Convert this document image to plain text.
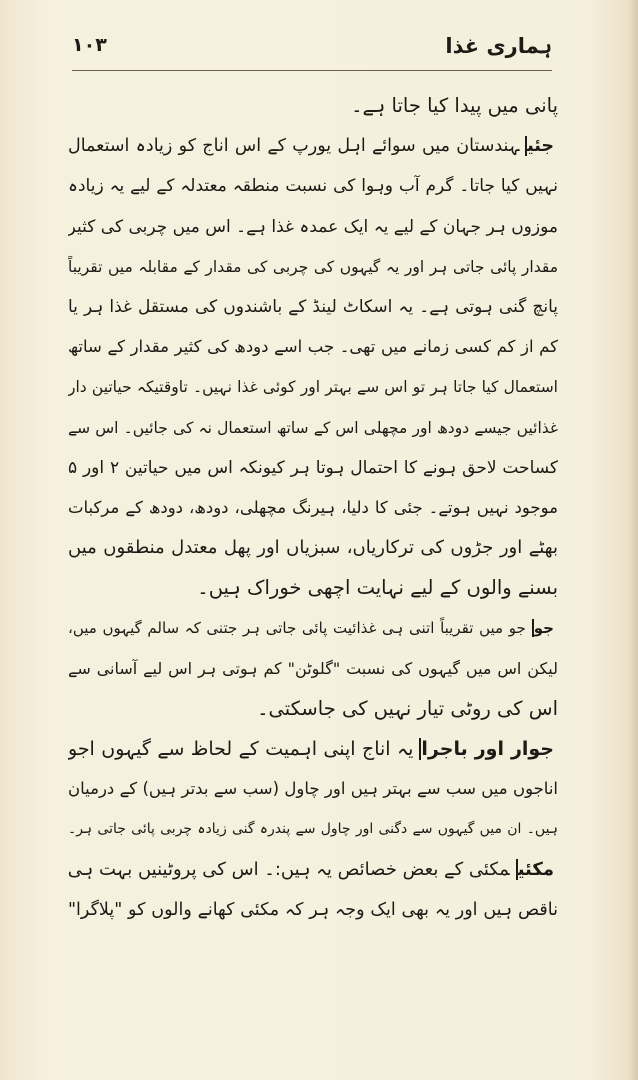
۱۰۳	ہماری غذا
پانی میں پیدا کیا جاتا ہے۔
جئیہندستان میں سوائے اہل یورپ کے اس اناج کو زیادہ استعمال
نہیں کیا جاتا۔ گرم آب وہوا کی نسبت منطقہ معتدلہ کے لیے یہ زیادہ
موزوں ہر جہان کے لیے یہ ایک عمدہ غذا ہے۔ اس میں چربی کی کثیر
مقدار پائی جاتی ہر اور یہ گیہوں کی چربی کی مقدار کے مقابلہ میں تقریباً
پانچ گنی ہوتی ہے۔ یہ اسکاٹ لینڈ کے باشندوں کی مستقل غذا ہر یا
کم از کم کسی زمانے میں تھی۔ جب اسے دودھ کی کثیر مقدار کے ساتھ
استعمال کیا جاتا ہر تو اس سے بہتر اور کوئی غذا نہیں۔ تاوقتیکہ حیاتین دار
غذائیں جیسے دودھ اور مچھلی اس کے ساتھ استعمال نہ کی جائیں۔ اس سے
کساحت لاحق ہونے کا احتمال ہوتا ہر کیونکہ اس میں حیاتین ۲ اور ۵
موجود نہیں ہوتے۔ جئی کا دلیا، ہیرنگ مچھلی، دودھ، دودھ کے مرکبات
بھٹے اور جڑوں کی ترکاریاں، سبزیاں اور پھل معتدل منطقوں میں
بسنے والوں کے لیے نہایت اچھی خوراک ہیں۔
جوجو میں تقریباً اتنی ہی غذائیت پائی جاتی ہر جتنی کہ سالم گیہوں میں،
لیکن اس میں گیہوں کی نسبت "گلوٹن" کم ہوتی ہر اس لیے آسانی سے
اس کی روٹی تیار نہیں کی جاسکتی۔
جوار اور باجرایہ اناج اپنی اہمیت کے لحاظ سے گیہوں اجو
اناجوں میں سب سے بہتر ہیں اور چاول (سب سے بدتر ہیں) کے درمیان
ہیں۔ ان میں گیہوں سے دگنی اور چاول سے پندرہ گنی زیادہ چربی پائی جاتی ہر۔
مکئیمکئی کے بعض خصائص یہ ہیں:۔ اس کی پروٹینیں بہت ہی
ناقص ہیں اور یہ بھی ایک وجہ ہر کہ مکئی کھانے والوں کو "پلاگرا"
